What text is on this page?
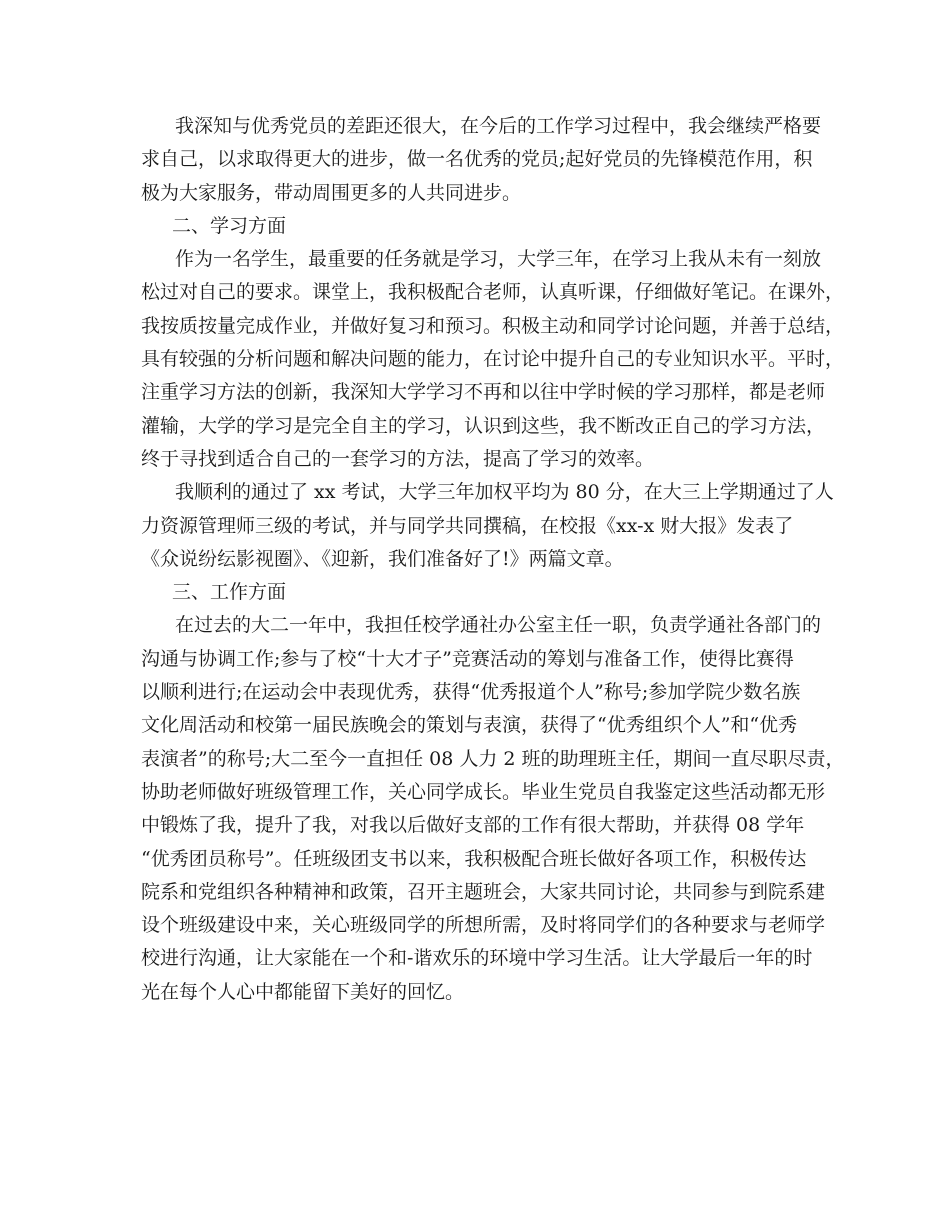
我深知与优秀党员的差距还很大，在今后的工作学习过程中，我会继续严格要
求自己，以求取得更大的进步，做一名优秀的党员;起好党员的先锋模范作用，积
极为大家服务，带动周围更多的人共同进步。
二、学习方面
作为一名学生，最重要的任务就是学习，大学三年，在学习上我从未有一刻放
松过对自己的要求。课堂上，我积极配合老师，认真听课，仔细做好笔记。在课外，
我按质按量完成作业，并做好复习和预习。积极主动和同学讨论问题，并善于总结，
具有较强的分析问题和解决问题的能力，在讨论中提升自己的专业知识水平。平时，
注重学习方法的创新，我深知大学学习不再和以往中学时候的学习那样，都是老师
灌输，大学的学习是完全自主的学习，认识到这些，我不断改正自己的学习方法，
终于寻找到适合自己的一套学习的方法，提高了学习的效率。
我顺利的通过了 xx 考试，大学三年加权平均为 80 分，在大三上学期通过了人
力资源管理师三级的考试，并与同学共同撰稿，在校报《xx-x 财大报》发表了
《众说纷纭影视圈》、《迎新，我们准备好了!》两篇文章。
三、工作方面
在过去的大二一年中，我担任校学通社办公室主任一职，负责学通社各部门的
沟通与协调工作;参与了校“十大才子”竞赛活动的筹划与准备工作，使得比赛得
以顺利进行;在运动会中表现优秀，获得“优秀报道个人”称号;参加学院少数名族
文化周活动和校第一届民族晚会的策划与表演，获得了“优秀组织个人”和“优秀
表演者”的称号;大二至今一直担任 08 人力 2 班的助理班主任，期间一直尽职尽责，
协助老师做好班级管理工作，关心同学成长。毕业生党员自我鉴定这些活动都无形
中锻炼了我，提升了我，对我以后做好支部的工作有很大帮助，并获得 08 学年
“优秀团员称号”。任班级团支书以来，我积极配合班长做好各项工作，积极传达
院系和党组织各种精神和政策，召开主题班会，大家共同讨论，共同参与到院系建
设个班级建设中来，关心班级同学的所想所需，及时将同学们的各种要求与老师学
校进行沟通，让大家能在一个和-谐欢乐的环境中学习生活。让大学最后一年的时
光在每个人心中都能留下美好的回忆。
